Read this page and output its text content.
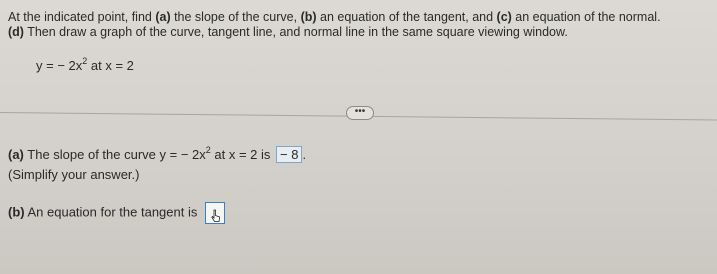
At the indicated point, find (a) the slope of the curve, (b) an equation of the tangent, and (c) an equation of the normal.
(d) Then draw a graph of the curve, tangent line, and normal line in the same square viewing window.
y = − $2x^2$ at x = 2
•••
(a) The slope of the curve y = − $2x^2$ at x = 2 is − 8 .
(Simplify your answer.)
(b) An equation for the tangent is
